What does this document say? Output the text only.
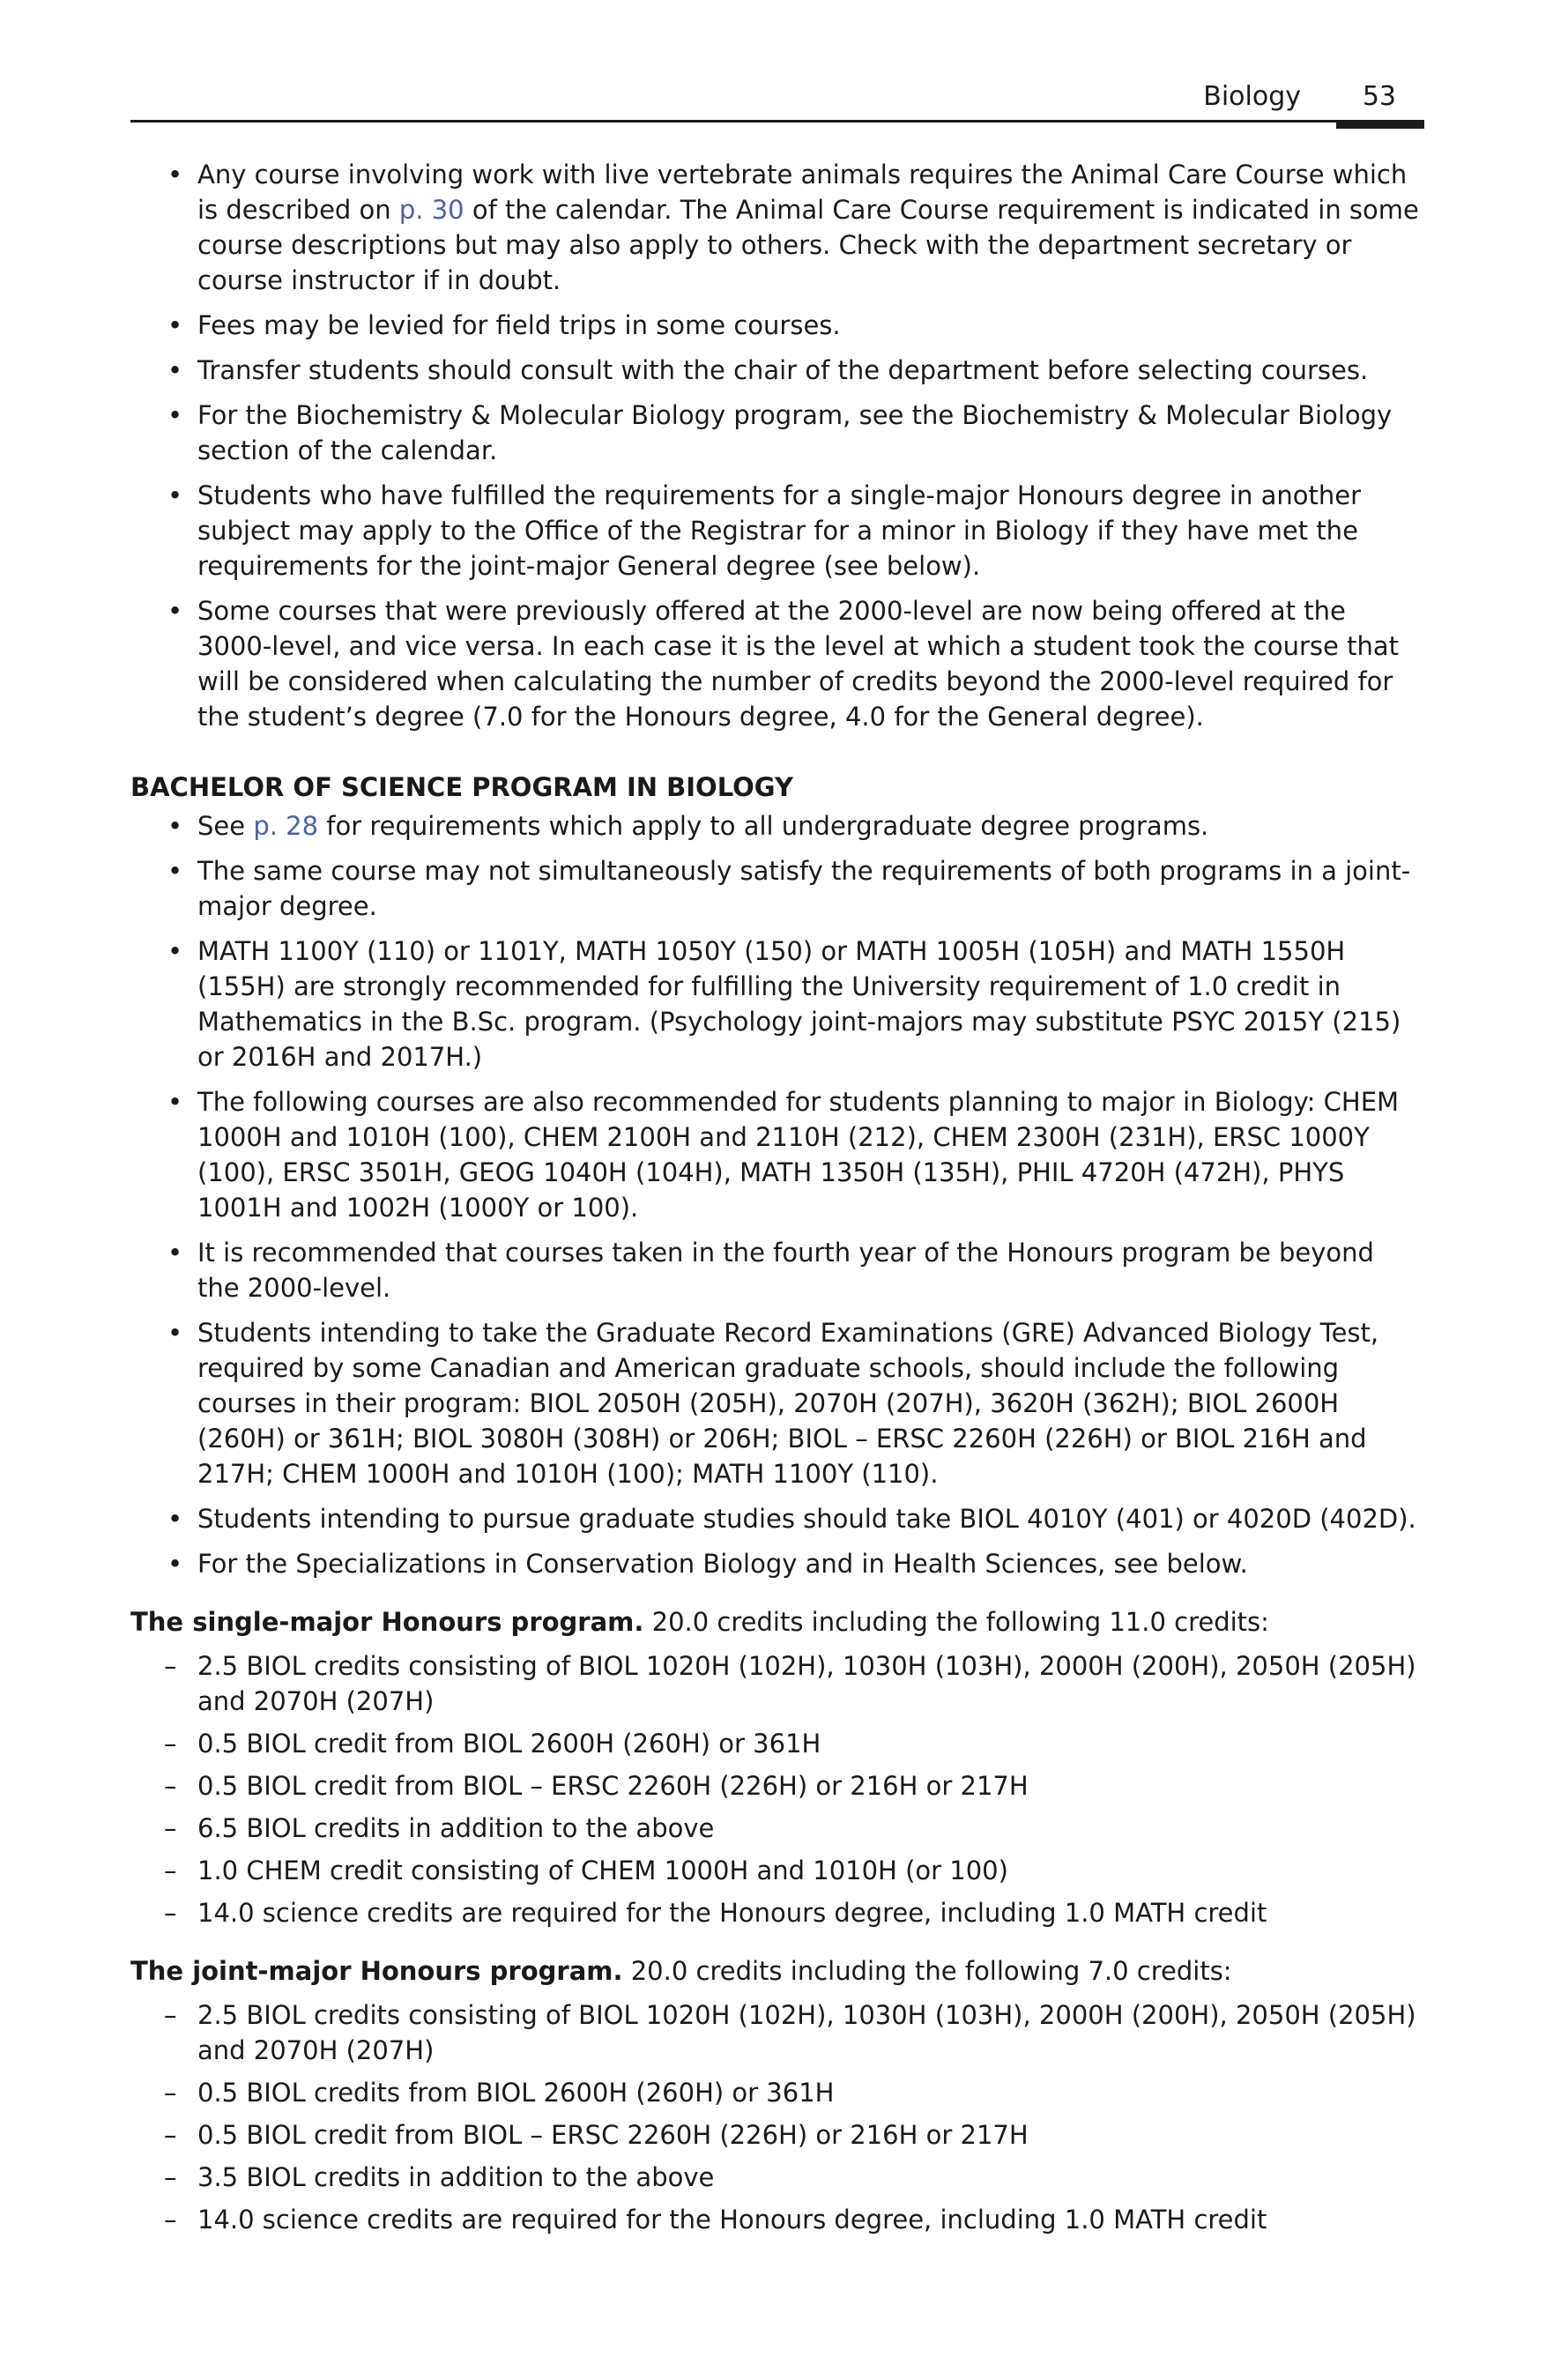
Biology 53
• Any course involving work with live vertebrate animals requires the Animal Care Course which is described on p. 30 of the calendar. The Animal Care Course requirement is indicated in some course descriptions but may also apply to others. Check with the department secretary or course instructor if in doubt.
• Fees may be levied for field trips in some courses.
• Transfer students should consult with the chair of the department before selecting courses.
• For the Biochemistry & Molecular Biology program, see the Biochemistry & Molecular Biology section of the calendar.
• Students who have fulfilled the requirements for a single-major Honours degree in another subject may apply to the Office of the Registrar for a minor in Biology if they have met the requirements for the joint-major General degree (see below).
• Some courses that were previously offered at the 2000-level are now being offered at the 3000-level, and vice versa. In each case it is the level at which a student took the course that will be considered when calculating the number of credits beyond the 2000-level required for the student’s degree (7.0 for the Honours degree, 4.0 for the General degree).
BACHELOR OF SCIENCE PROGRAM IN BIOLOGY
• See p. 28 for requirements which apply to all undergraduate degree programs.
• The same course may not simultaneously satisfy the requirements of both programs in a joint-major degree.
• MATH 1100Y (110) or 1101Y, MATH 1050Y (150) or MATH 1005H (105H) and MATH 1550H (155H) are strongly recommended for fulfilling the University requirement of 1.0 credit in Mathematics in the B.Sc. program. (Psychology joint-majors may substitute PSYC 2015Y (215) or 2016H and 2017H.)
• The following courses are also recommended for students planning to major in Biology: CHEM 1000H and 1010H (100), CHEM 2100H and 2110H (212), CHEM 2300H (231H), ERSC 1000Y (100), ERSC 3501H, GEOG 1040H (104H), MATH 1350H (135H), PHIL 4720H (472H), PHYS 1001H and 1002H (1000Y or 100).
• It is recommended that courses taken in the fourth year of the Honours program be beyond the 2000-level.
• Students intending to take the Graduate Record Examinations (GRE) Advanced Biology Test, required by some Canadian and American graduate schools, should include the following courses in their program: BIOL 2050H (205H), 2070H (207H), 3620H (362H); BIOL 2600H (260H) or 361H; BIOL 3080H (308H) or 206H; BIOL – ERSC 2260H (226H) or BIOL 216H and 217H; CHEM 1000H and 1010H (100); MATH 1100Y (110).
• Students intending to pursue graduate studies should take BIOL 4010Y (401) or 4020D (402D).
• For the Specializations in Conservation Biology and in Health Sciences, see below.
The single-major Honours program. 20.0 credits including the following 11.0 credits:
– 2.5 BIOL credits consisting of BIOL 1020H (102H), 1030H (103H), 2000H (200H), 2050H (205H) and 2070H (207H)
– 0.5 BIOL credit from BIOL 2600H (260H) or 361H
– 0.5 BIOL credit from BIOL – ERSC 2260H (226H) or 216H or 217H
– 6.5 BIOL credits in addition to the above
– 1.0 CHEM credit consisting of CHEM 1000H and 1010H (or 100)
– 14.0 science credits are required for the Honours degree, including 1.0 MATH credit
The joint-major Honours program. 20.0 credits including the following 7.0 credits:
– 2.5 BIOL credits consisting of BIOL 1020H (102H), 1030H (103H), 2000H (200H), 2050H (205H) and 2070H (207H)
– 0.5 BIOL credits from BIOL 2600H (260H) or 361H
– 0.5 BIOL credit from BIOL – ERSC 2260H (226H) or 216H or 217H
– 3.5 BIOL credits in addition to the above
– 14.0 science credits are required for the Honours degree, including 1.0 MATH credit
